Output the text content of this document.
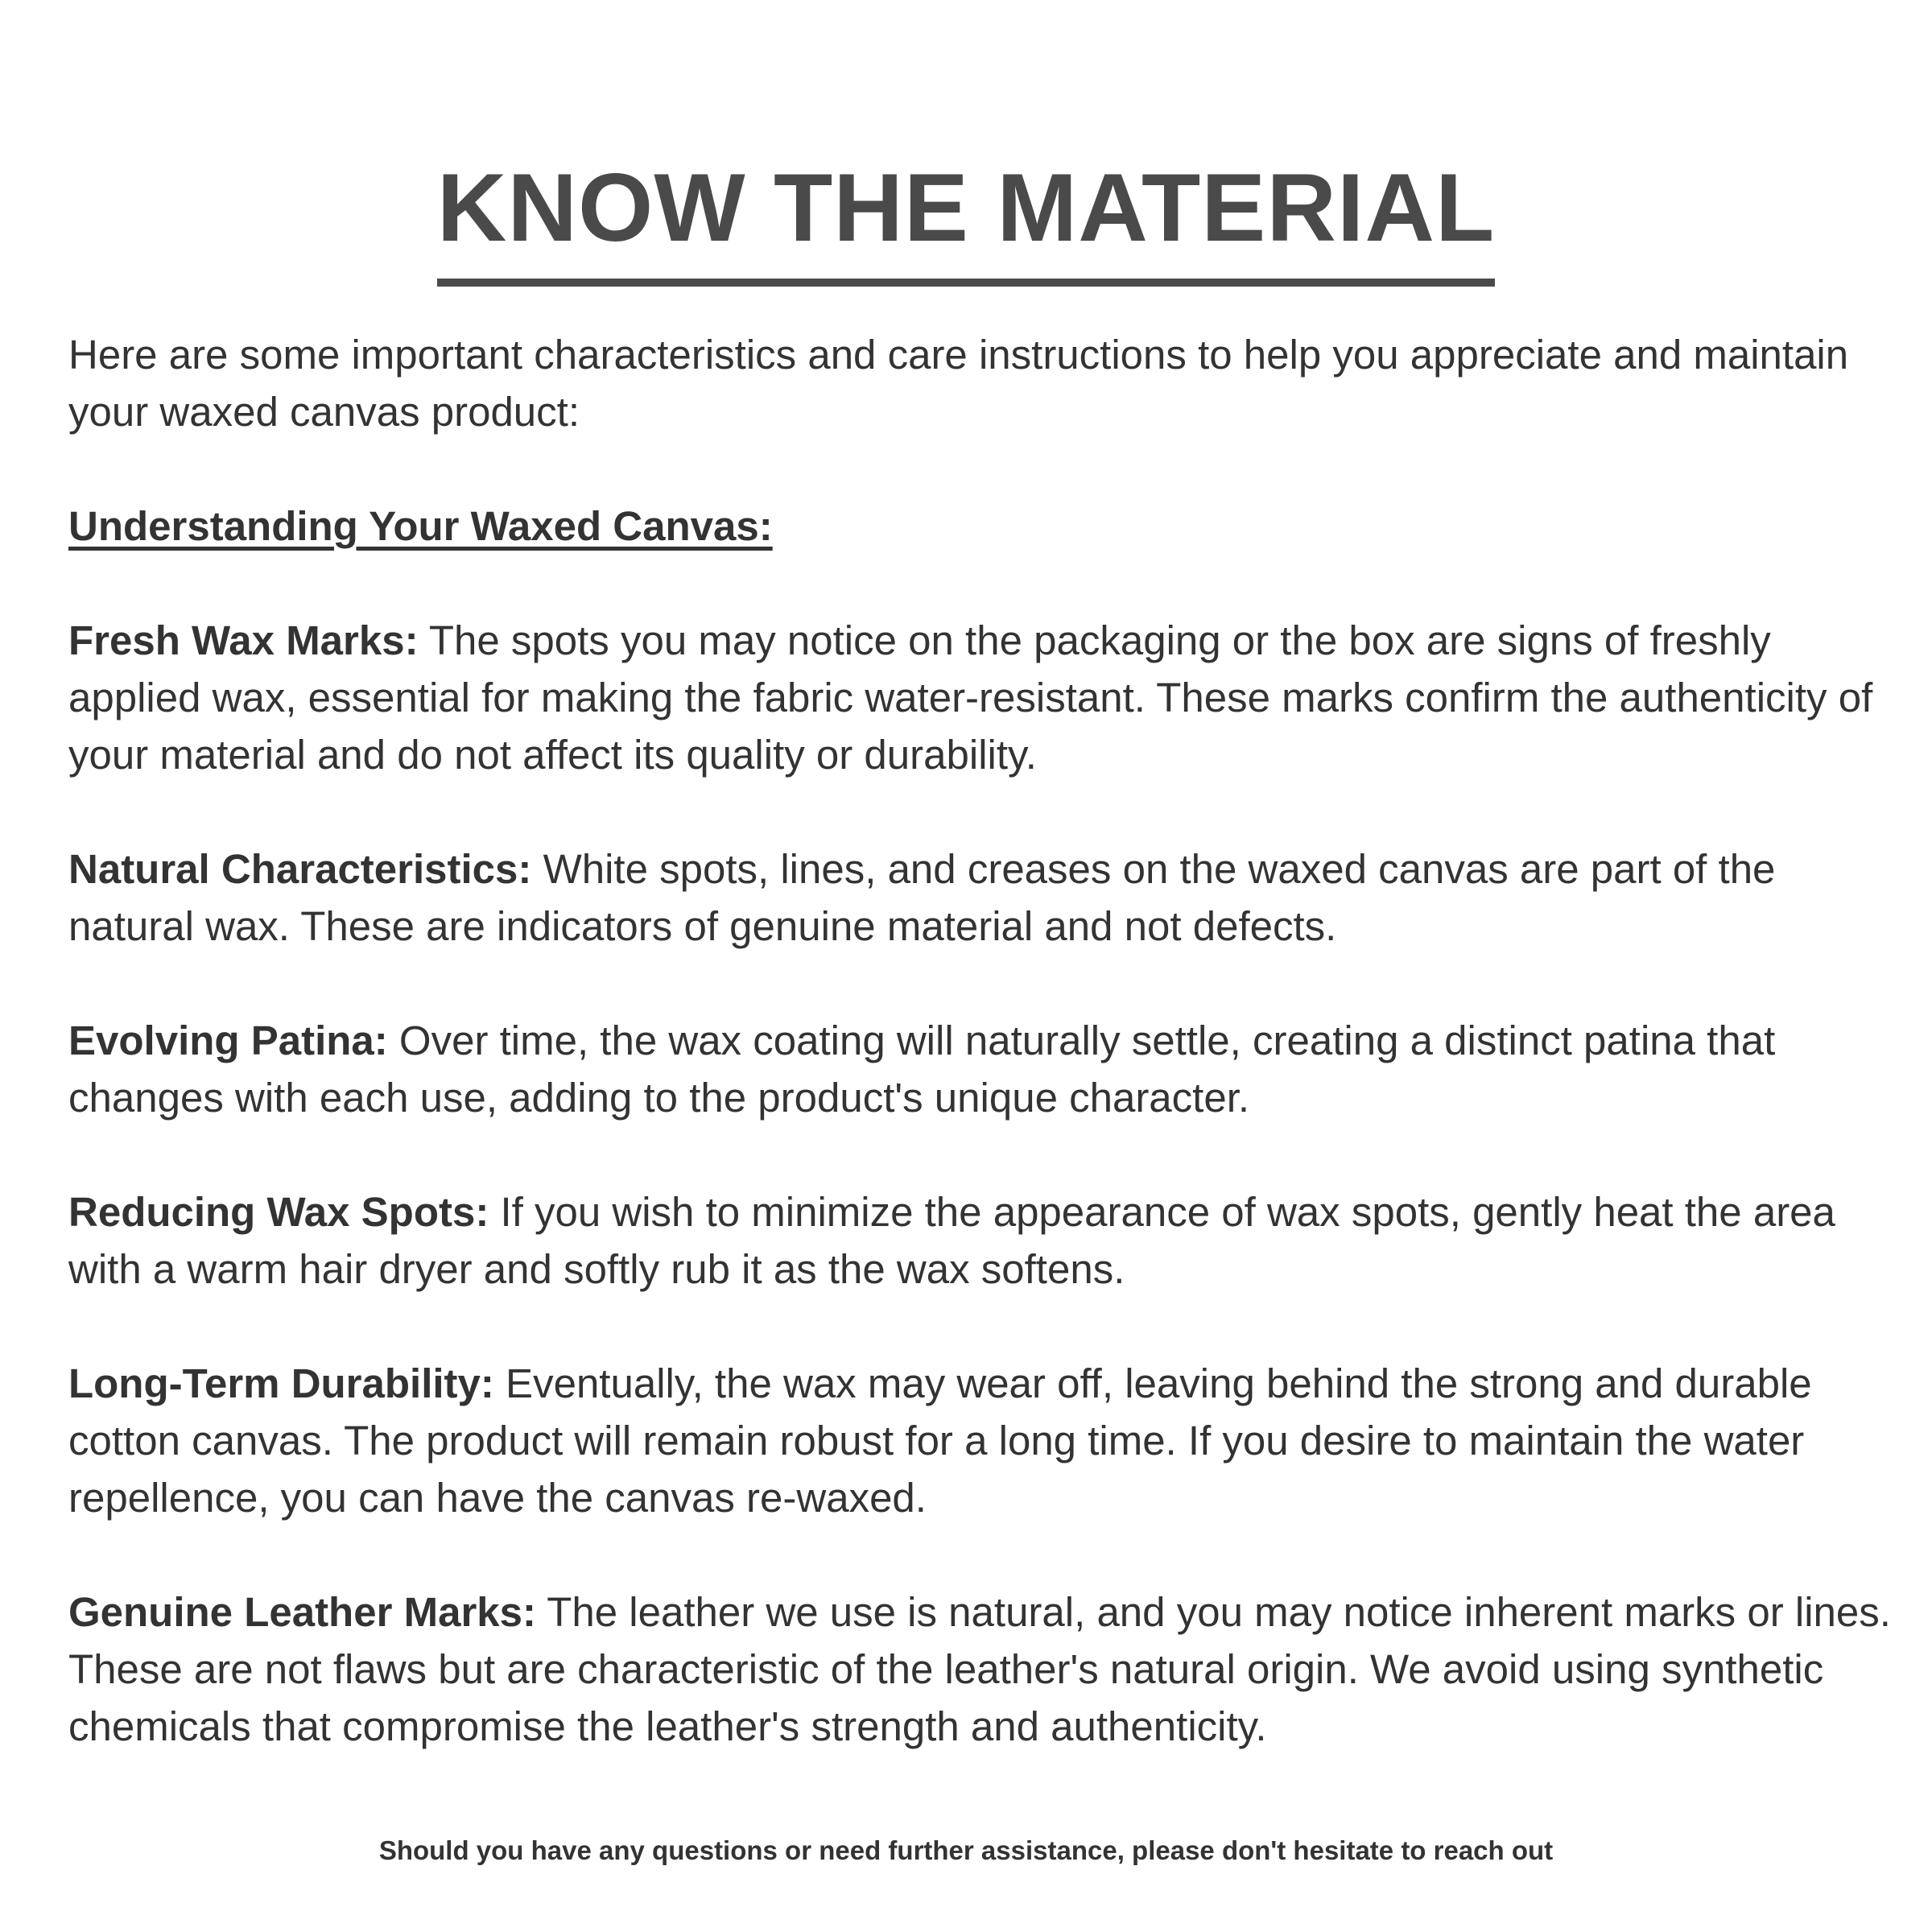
KNOW THE MATERIAL

Here are some important characteristics and care instructions to help you appreciate and maintain your waxed canvas product:

Understanding Your Waxed Canvas:

Fresh Wax Marks: The spots you may notice on the packaging or the box are signs of freshly applied wax, essential for making the fabric water-resistant. These marks confirm the authenticity of your material and do not affect its quality or durability.

Natural Characteristics: White spots, lines, and creases on the waxed canvas are part of the natural wax. These are indicators of genuine material and not defects.

Evolving Patina: Over time, the wax coating will naturally settle, creating a distinct patina that changes with each use, adding to the product's unique character.

Reducing Wax Spots: If you wish to minimize the appearance of wax spots, gently heat the area with a warm hair dryer and softly rub it as the wax softens.

Long-Term Durability: Eventually, the wax may wear off, leaving behind the strong and durable cotton canvas. The product will remain robust for a long time. If you desire to maintain the water repellence, you can have the canvas re-waxed.

Genuine Leather Marks: The leather we use is natural, and you may notice inherent marks or lines. These are not flaws but are characteristic of the leather's natural origin. We avoid using synthetic chemicals that compromise the leather's strength and authenticity.

Should you have any questions or need further assistance, please don't hesitate to reach out
